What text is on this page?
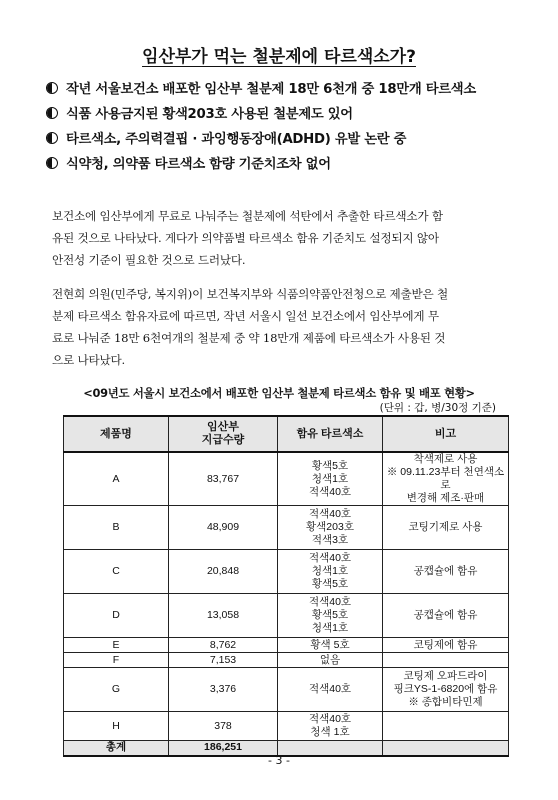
임산부가 먹는 철분제에 타르색소가?
작년 서울보건소 배포한 임산부 철분제 18만 6천개 중 18만개 타르색소
식품 사용금지된 황색203호 사용된 철분제도 있어
타르색소, 주의력결핍 · 과잉행동장애(ADHD) 유발 논란 중
식약청, 의약품 타르색소 함량 기준치조차 없어
보건소에 임산부에게 무료로 나눠주는 철분제에 석탄에서 추출한 타르색소가 함
유된 것으로 나타났다. 게다가 의약품별 타르색소 함유 기준치도 설정되지 않아
안전성 기준이 필요한 것으로 드러났다.
전현희 의원(민주당, 복지위)이 보건복지부와 식품의약품안전청으로 제출받은 철
분제 타르색소 함유자료에 따르면, 작년 서울시 일선 보건소에서 임산부에게 무
료로 나눠준 18만 6천여개의 철분제 중 약 18만개 제품에 타르색소가 사용된 것
으로 나타났다.
<09년도 서울시 보건소에서 배포한 임산부 철분제 타르색소 함유 및 배포 현황>
(단위 : 갑, 병/30정 기준)
제품명	임산부
지급수량	함유 타르색소	비고
A	83,767	황색5호
청색1호
적색40호	착색제로 사용
※ 09.11.23부터 천연색소로
변경해 제조·판매
B	48,909	적색40호
황색203호
적색3호	코팅기제로 사용
C	20,848	적색40호
청색1호
황색5호	공캡슐에 함유
D	13,058	적색40호
황색5호
청색1호	공캡슐에 함유
E	8,762	황색 5호	코팅제에 함유
F	7,153	없음	
G	3,376	적색40호	코팅제 오파드라이
핑크YS-1-6820에 함유
※ 종합비타민제
H	378	적색40호
청색 1호	
총계	186,251		
- 3 -
